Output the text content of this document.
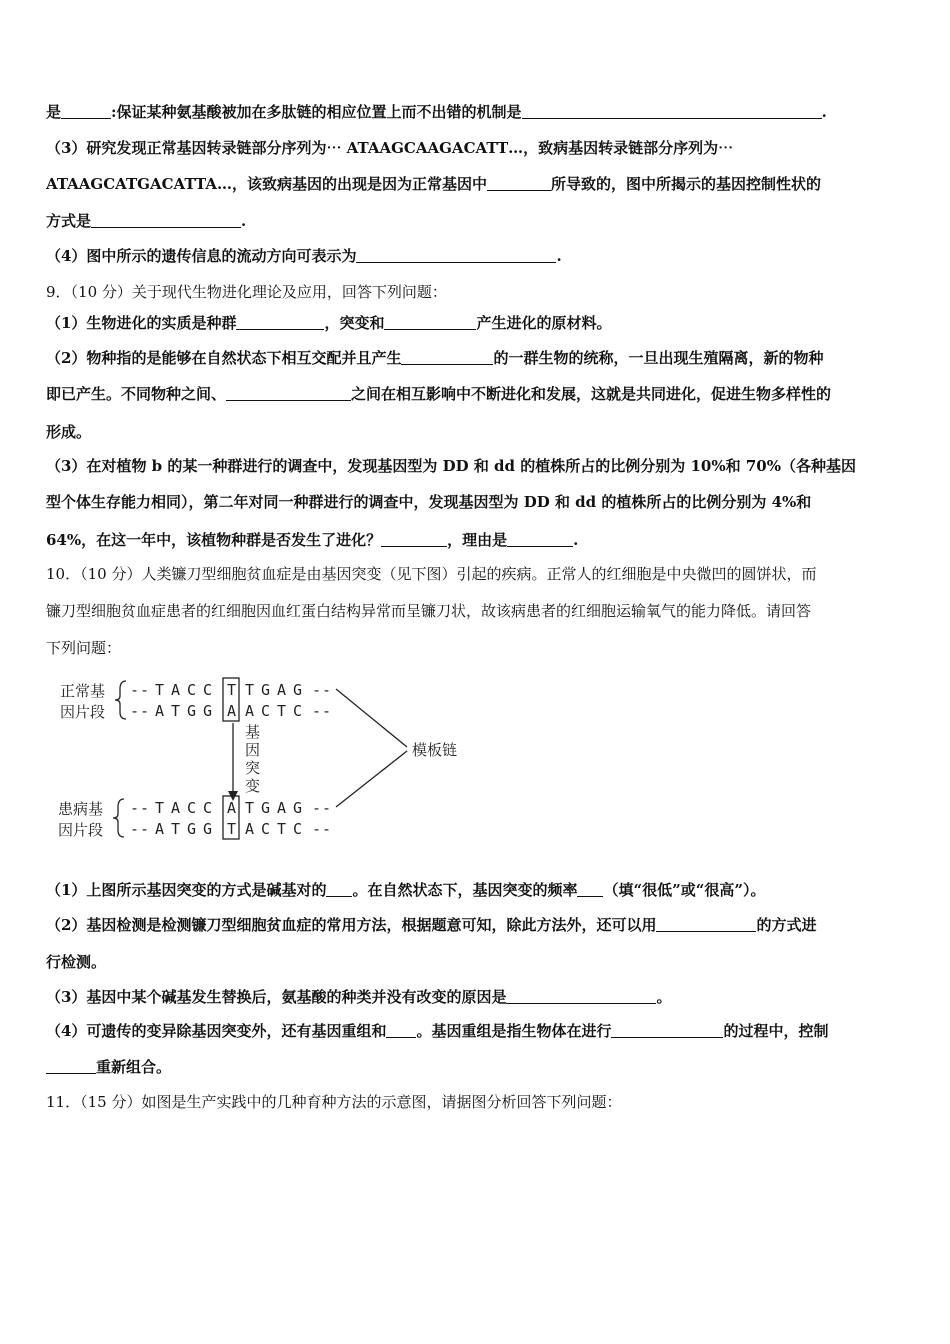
是	:保证某种氨基酸被加在多肽链的相应位置上而不出错的机制是	.
（3）研究发现正常基因转录链部分序列为⋯ ATAAGCAAGACATT…，致病基因转录链部分序列为⋯
ATAAGCATGACATTA…，该致病基因的出现是因为正常基因中	所导致的，图中所揭示的基因控制性状的
方式是	.
（4）图中所示的遗传信息的流动方向可表示为	.
9．（10 分）关于现代生物进化理论及应用，回答下列问题：
（1）生物进化的实质是种群	，突变和	产生进化的原材料。
（2）物种指的是能够在自然状态下相互交配并且产生	的一群生物的统称，一旦出现生殖隔离，新的物种
即已产生。不同物种之间、	之间在相互影响中不断进化和发展，这就是共同进化，促进生物多样性的
形成。
（3）在对植物 b 的某一种群进行的调查中，发现基因型为 DD 和 dd 的植株所占的比例分别为 10%和 70%（各种基因
型个体生存能力相同），第二年对同一种群进行的调查中，发现基因型为 DD 和 dd 的植株所占的比例分别为 4%和
64%，在这一年中，该植物种群是否发生了进化？	，理由是	.
10．（10 分）人类镰刀型细胞贫血症是由基因突变（见下图）引起的疾病。正常人的红细胞是中央微凹的圆饼状，而
镰刀型细胞贫血症患者的红细胞因血红蛋白结构异常而呈镰刀状，故该病患者的红细胞运输氧气的能力降低。请回答
下列问题：
正常基
因片段
-- T A C C T T G A G --
-- A T G G A A C T C --
基
因
突
变
患病基
因片段
-- T A C C A T G A G --
-- A T G G T A C T C --
模板链
（1）上图所示基因突变的方式是碱基对的 。在自然状态下，基因突变的频率 （填“很低”或“很高”）。
（2）基因检测是检测镰刀型细胞贫血症的常用方法，根据题意可知，除此方法外，还可以用	的方式进
行检测。
（3）基因中某个碱基发生替换后，氨基酸的种类并没有改变的原因是	。
（4）可遗传的变异除基因突变外，还有基因重组和 。基因重组是指生物体在进行	的过程中，控制
重新组合。
11．（15 分）如图是生产实践中的几种育种方法的示意图，请据图分析回答下列问题：
